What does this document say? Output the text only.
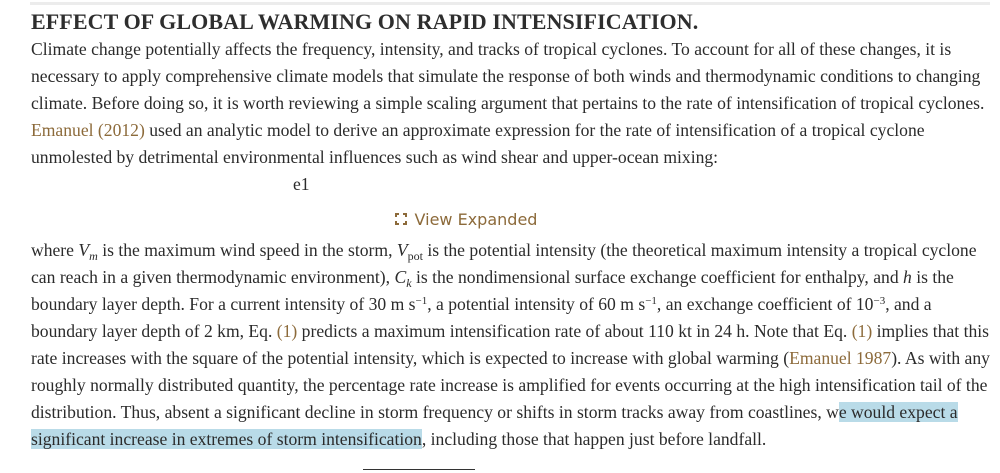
EFFECT OF GLOBAL WARMING ON RAPID INTENSIFICATION.

Climate change potentially affects the frequency, intensity, and tracks of tropical cyclones. To account for all of these changes, it is necessary to apply comprehensive climate models that simulate the response of both winds and thermodynamic conditions to changing climate. Before doing so, it is worth reviewing a simple scaling argument that pertains to the rate of intensification of tropical cyclones. Emanuel (2012) used an analytic model to derive an approximate expression for the rate of intensification of a tropical cyclone unmolested by detrimental environmental influences such as wind shear and upper-ocean mixing:

e1
View Expanded

where $V_m$ is the maximum wind speed in the storm, $V_{pot}$ is the potential intensity (the theoretical maximum intensity a tropical cyclone can reach in a given thermodynamic environment), $C_k$ is the nondimensional surface exchange coefficient for enthalpy, and h is the boundary layer depth. For a current intensity of 30 m $s^{-1}$, a potential intensity of 60 m $s^{-1}$, an exchange coefficient of $10^{-3}$, and a boundary layer depth of 2 km, Eq. (1) predicts a maximum intensification rate of about 110 kt in 24 h. Note that Eq. (1) implies that this rate increases with the square of the potential intensity, which is expected to increase with global warming (Emanuel 1987). As with any roughly normally distributed quantity, the percentage rate increase is amplified for events occurring at the high intensification tail of the distribution. Thus, absent a significant decline in storm frequency or shifts in storm tracks away from coastlines, we would expect a significant increase in extremes of storm intensification, including those that happen just before landfall.
